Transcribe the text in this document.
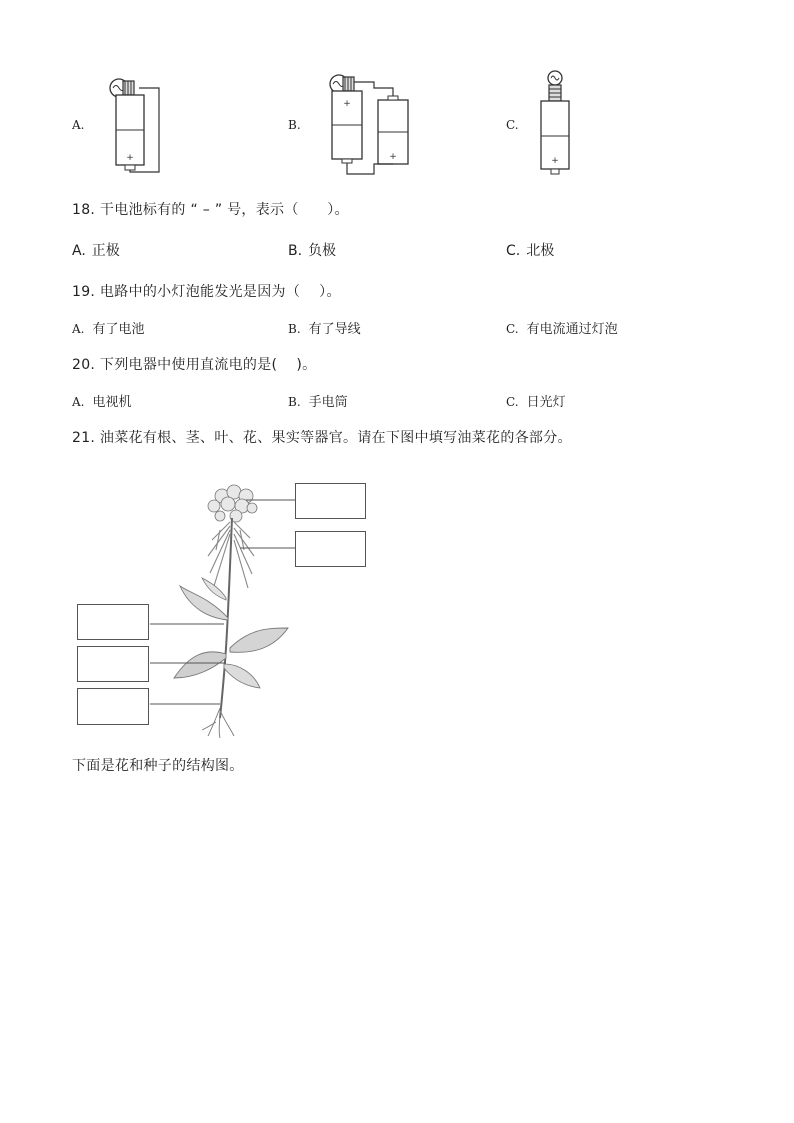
A.
+
B.
+
+
C.
+
18. 干电池标有的 “ – ” 号，表示（　　）。
A. 正极	B. 负极	C. 北极
19. 电路中的小灯泡能发光是因为（　 ）。
A. 有了电池	B. 有了导线	C. 有电流通过灯泡
20. 下列电器中使用直流电的是( 　)。
A. 电视机	B. 手电筒	C. 日光灯
21. 油菜花有根、茎、叶、花、果实等器官。请在下图中填写油菜花的各部分。
下面是花和种子的结构图。
